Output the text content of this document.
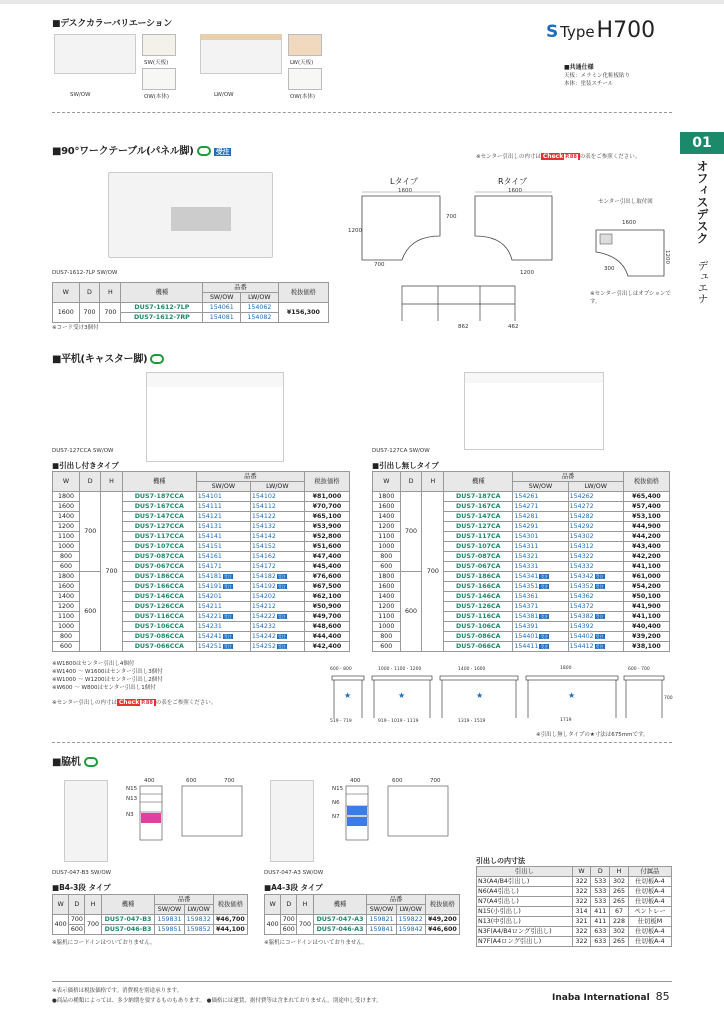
■デスクカラーバリエーション	S Type H700
■共通仕様
天板：メラミン化粧板貼り
本体：塗装スチール
SW/OW
SW(天板)
OW(本体)	LW/OW
LW(天板)
OW(本体)
01
オフィスデスク
デュエナ
■90°ワークテーブル(パネル脚)	受注
※センター引出しの内寸は Check P.88 の表をご参照ください。
DUS7-1612-7LP SW/OW
W	D	H	機種	品番		税抜価格
				SW/OW	LW/OW	
1600	700	700	DUS7-1612-7LP	154061	154062	¥156,300
			DUS7-1612-7RP	154081	154082	
※コード受け3個付
Lタイプ	Rタイプ
1600	1600
1200
700
700
1200
862	462
センター引出し取付図
1600
1200
300
※センター引出しはオプションです。
■平机(キャスター脚)
DUS7-127CCA SW/OW	DUS7-127CA SW/OW
■引出し付きタイプ	■引出し無しタイプ
W	D	H	機種	品番		税抜価格
				SW/OW	LW/OW	
1800	700	700	DUS7-187CCA	154101	154102	¥81,000
1600			DUS7-167CCA	154111	154112	¥70,700
1400			DUS7-147CCA	154121	154122	¥65,100
1200			DUS7-127CCA	154131	154132	¥53,900
1100			DUS7-117CCA	154141	154142	¥52,800
1000			DUS7-107CCA	154151	154152	¥51,600
800			DUS7-087CCA	154161	154162	¥47,400
600			DUS7-067CCA	154171	154172	¥45,400
1800	600		DUS7-186CCA	154181 受注	154182 受注	¥76,600
1600			DUS7-166CCA	154191 受注	154192 受注	¥67,500
1400			DUS7-146CCA	154201	154202	¥62,100
1200			DUS7-126CCA	154211	154212	¥50,900
1100			DUS7-116CCA	154221 受注	154222 受注	¥49,700
1000			DUS7-106CCA	154231	154232	¥48,600
800			DUS7-086CCA	154241 受注	154242 受注	¥44,400
600			DUS7-066CCA	154251 受注	154252 受注	¥42,400
W	D	H	機種	品番		税抜価格
				SW/OW	LW/OW	
1800	700	700	DUS7-187CA	154261	154262	¥65,400
1600			DUS7-167CA	154271	154272	¥57,400
1400			DUS7-147CA	154281	154282	¥53,100
1200			DUS7-127CA	154291	154292	¥44,900
1100			DUS7-117CA	154301	154302	¥44,200
1000			DUS7-107CA	154311	154312	¥43,400
800			DUS7-087CA	154321	154322	¥42,200
600			DUS7-067CA	154331	154332	¥41,100
1800	600		DUS7-186CA	154341 受注	154342 受注	¥61,000
1600			DUS7-166CA	154351 受注	154352 受注	¥54,200
1400			DUS7-146CA	154361	154362	¥50,100
1200			DUS7-126CA	154371	154372	¥41,900
1100			DUS7-116CA	154381 受注	154382 受注	¥41,100
1000			DUS7-106CA	154391	154392	¥40,400
800			DUS7-086CA	154401 受注	154402 受注	¥39,200
600			DUS7-066CA	154411 受注	154412 受注	¥38,100
※W1800はセンター引出し4個付
※W1400 〜 W1600はセンター引出し3個付
※W1000 〜 W1200はセンター引出し2個付
※W600 〜 W800はセンター引出し1個付
※センター引出しの内寸は Check P.88 の表をご参照ください。
★	★	★	★
600・800	1000・1100・1200	1400・1600	1800	600・700
519・719	919・1019・1119	1319・1519	1719
700
※引出し無しタイプの★寸法は675mmです。
■脇机
N15
N13
N3
400	600	700
N15
N6
N7
400	600	700
DUS7-047-B3 SW/OW	DUS7-047-A3 SW/OW
■B4-3段 タイプ	■A4-3段 タイプ
W	D	H	機種	品番		税抜価格
				SW/OW	LW/OW	
400	700	700	DUS7-047-B3	159831	159832	¥46,700
	600		DUS7-046-B3	159851	159852	¥44,100
W	D	H	機種	品番		税抜価格
				SW/OW	LW/OW	
400	700	700	DUS7-047-A3	159821	159822	¥49,200
	600		DUS7-046-A3	159841	159842	¥46,600
※脇机にコードインはついておりません。	※脇机にコードインはついておりません。
引出しの内寸法
引出し	W	D	H	付属品
N3(A4/B4引出し)	322	533	302	仕切板A-4
N6(A4引出し)	322	533	265	仕切板A-4
N7(A4引出し)	322	533	265	仕切板A-4
N15(小引出し)	314	411	67	ペントレー
N13(中引出し)	321	411	228	仕切板M
N3F(A4/B4ロング引出し)	322	633	302	仕切板A-4
N7F(A4ロング引出し)	322	633	265	仕切板A-4
※表示価格は税抜価格です。消費税を別途承ります。
●商品の種類によっては、多少納期を要するものもあります。 ●価格には運賃、据付費等は含まれておりません。別途申し受けます。	Inaba International 85
